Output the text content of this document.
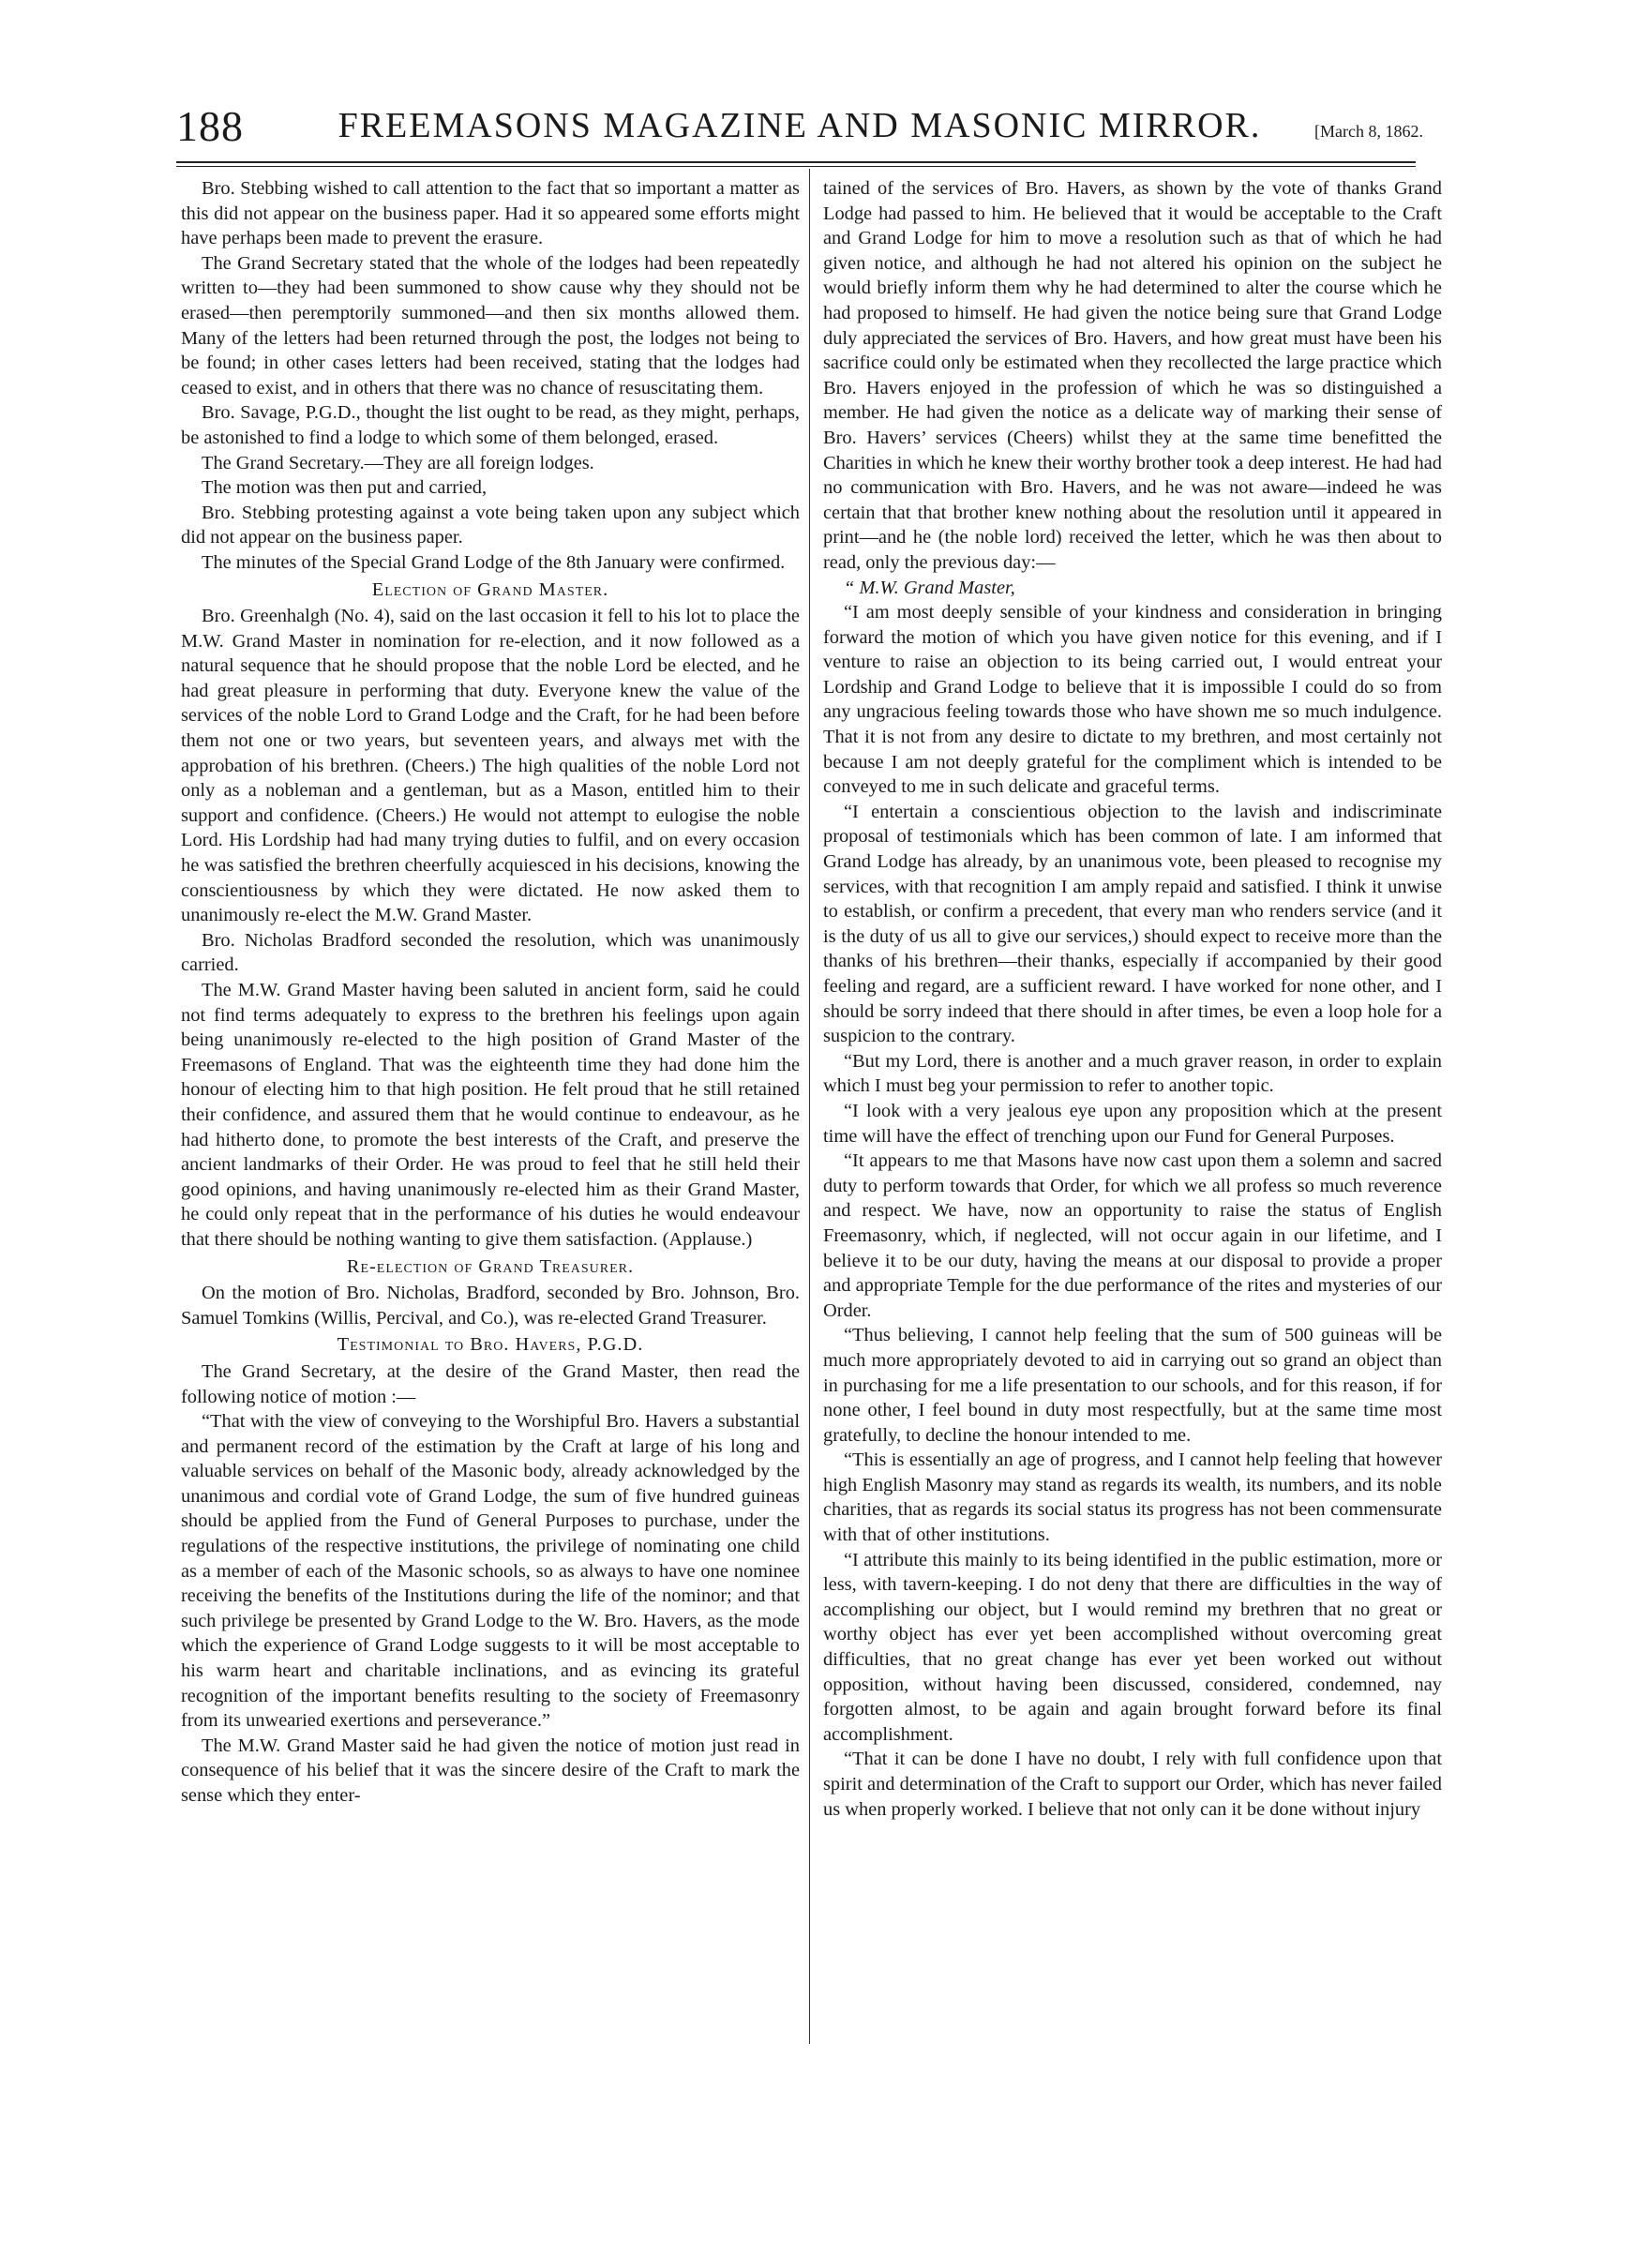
188	FREEMASONS MAGAZINE AND MASONIC MIRROR.	[March 8, 1862.

Bro. Stebbing wished to call attention to the fact that so important a matter as this did not appear on the business paper. Had it so appeared some efforts might have perhaps been made to prevent the erasure.

The Grand Secretary stated that the whole of the lodges had been repeatedly written to—they had been summoned to show cause why they should not be erased—then peremptorily summoned—and then six months allowed them. Many of the letters had been returned through the post, the lodges not being to be found; in other cases letters had been received, stating that the lodges had ceased to exist, and in others that there was no chance of resuscitating them.

Bro. Savage, P.G.D., thought the list ought to be read, as they might, perhaps, be astonished to find a lodge to which some of them belonged, erased.

The Grand Secretary.—They are all foreign lodges.

The motion was then put and carried,

Bro. Stebbing protesting against a vote being taken upon any subject which did not appear on the business paper.

The minutes of the Special Grand Lodge of the 8th January were confirmed.

Election of Grand Master.

Bro. Greenhalgh (No. 4), said on the last occasion it fell to his lot to place the M.W. Grand Master in nomination for re-election, and it now followed as a natural sequence that he should propose that the noble Lord be elected, and he had great pleasure in performing that duty. Everyone knew the value of the services of the noble Lord to Grand Lodge and the Craft, for he had been before them not one or two years, but seventeen years, and always met with the approbation of his brethren. (Cheers.) The high qualities of the noble Lord not only as a nobleman and a gentleman, but as a Mason, entitled him to their support and confidence. (Cheers.) He would not attempt to eulogise the noble Lord. His Lordship had had many trying duties to fulfil, and on every occasion he was satisfied the brethren cheerfully acquiesced in his decisions, knowing the conscientiousness by which they were dictated. He now asked them to unanimously re-elect the M.W. Grand Master.

Bro. Nicholas Bradford seconded the resolution, which was unanimously carried.

The M.W. Grand Master having been saluted in ancient form, said he could not find terms adequately to express to the brethren his feelings upon again being unanimously re-elected to the high position of Grand Master of the Freemasons of England. That was the eighteenth time they had done him the honour of electing him to that high position. He felt proud that he still retained their confidence, and assured them that he would continue to endeavour, as he had hitherto done, to promote the best interests of the Craft, and preserve the ancient landmarks of their Order. He was proud to feel that he still held their good opinions, and having unanimously re-elected him as their Grand Master, he could only repeat that in the performance of his duties he would endeavour that there should be nothing wanting to give them satisfaction. (Applause.)

Re-election of Grand Treasurer.

On the motion of Bro. Nicholas, Bradford, seconded by Bro. Johnson, Bro. Samuel Tomkins (Willis, Percival, and Co.), was re-elected Grand Treasurer.

Testimonial to Bro. Havers, P.G.D.

The Grand Secretary, at the desire of the Grand Master, then read the following notice of motion :—

“That with the view of conveying to the Worshipful Bro. Havers a substantial and permanent record of the estimation by the Craft at large of his long and valuable services on behalf of the Masonic body, already acknowledged by the unanimous and cordial vote of Grand Lodge, the sum of five hundred guineas should be applied from the Fund of General Purposes to purchase, under the regulations of the respective institutions, the privilege of nominating one child as a member of each of the Masonic schools, so as always to have one nominee receiving the benefits of the Institutions during the life of the nominor; and that such privilege be presented by Grand Lodge to the W. Bro. Havers, as the mode which the experience of Grand Lodge suggests to it will be most acceptable to his warm heart and charitable inclinations, and as evincing its grateful recognition of the important benefits resulting to the society of Freemasonry from its unwearied exertions and perseverance.”

The M.W. Grand Master said he had given the notice of motion just read in consequence of his belief that it was the sincere desire of the Craft to mark the sense which they enter-

tained of the services of Bro. Havers, as shown by the vote of thanks Grand Lodge had passed to him. He believed that it would be acceptable to the Craft and Grand Lodge for him to move a resolution such as that of which he had given notice, and although he had not altered his opinion on the subject he would briefly inform them why he had determined to alter the course which he had proposed to himself. He had given the notice being sure that Grand Lodge duly appreciated the services of Bro. Havers, and how great must have been his sacrifice could only be estimated when they recollected the large practice which Bro. Havers enjoyed in the profession of which he was so distinguished a member. He had given the notice as a delicate way of marking their sense of Bro. Havers’ services (Cheers) whilst they at the same time benefitted the Charities in which he knew their worthy brother took a deep interest. He had had no communication with Bro. Havers, and he was not aware—indeed he was certain that that brother knew nothing about the resolution until it appeared in print—and he (the noble lord) received the letter, which he was then about to read, only the previous day:—

“ M.W. Grand Master,

“I am most deeply sensible of your kindness and consideration in bringing forward the motion of which you have given notice for this evening, and if I venture to raise an objection to its being carried out, I would entreat your Lordship and Grand Lodge to believe that it is impossible I could do so from any ungracious feeling towards those who have shown me so much indulgence. That it is not from any desire to dictate to my brethren, and most certainly not because I am not deeply grateful for the compliment which is intended to be conveyed to me in such delicate and graceful terms.

“I entertain a conscientious objection to the lavish and indiscriminate proposal of testimonials which has been common of late. I am informed that Grand Lodge has already, by an unanimous vote, been pleased to recognise my services, with that recognition I am amply repaid and satisfied. I think it unwise to establish, or confirm a precedent, that every man who renders service (and it is the duty of us all to give our services,) should expect to receive more than the thanks of his brethren—their thanks, especially if accompanied by their good feeling and regard, are a sufficient reward. I have worked for none other, and I should be sorry indeed that there should in after times, be even a loop hole for a suspicion to the contrary.

“But my Lord, there is another and a much graver reason, in order to explain which I must beg your permission to refer to another topic.

“I look with a very jealous eye upon any proposition which at the present time will have the effect of trenching upon our Fund for General Purposes.

“It appears to me that Masons have now cast upon them a solemn and sacred duty to perform towards that Order, for which we all profess so much reverence and respect. We have, now an opportunity to raise the status of English Freemasonry, which, if neglected, will not occur again in our lifetime, and I believe it to be our duty, having the means at our disposal to provide a proper and appropriate Temple for the due performance of the rites and mysteries of our Order.

“Thus believing, I cannot help feeling that the sum of 500 guineas will be much more appropriately devoted to aid in carrying out so grand an object than in purchasing for me a life presentation to our schools, and for this reason, if for none other, I feel bound in duty most respectfully, but at the same time most gratefully, to decline the honour intended to me.

“This is essentially an age of progress, and I cannot help feeling that however high English Masonry may stand as regards its wealth, its numbers, and its noble charities, that as regards its social status its progress has not been commensurate with that of other institutions.

“I attribute this mainly to its being identified in the public estimation, more or less, with tavern-keeping. I do not deny that there are difficulties in the way of accomplishing our object, but I would remind my brethren that no great or worthy object has ever yet been accomplished without overcoming great difficulties, that no great change has ever yet been worked out without opposition, without having been discussed, considered, condemned, nay forgotten almost, to be again and again brought forward before its final accomplishment.

“That it can be done I have no doubt, I rely with full confidence upon that spirit and determination of the Craft to support our Order, which has never failed us when properly worked. I believe that not only can it be done without injury
